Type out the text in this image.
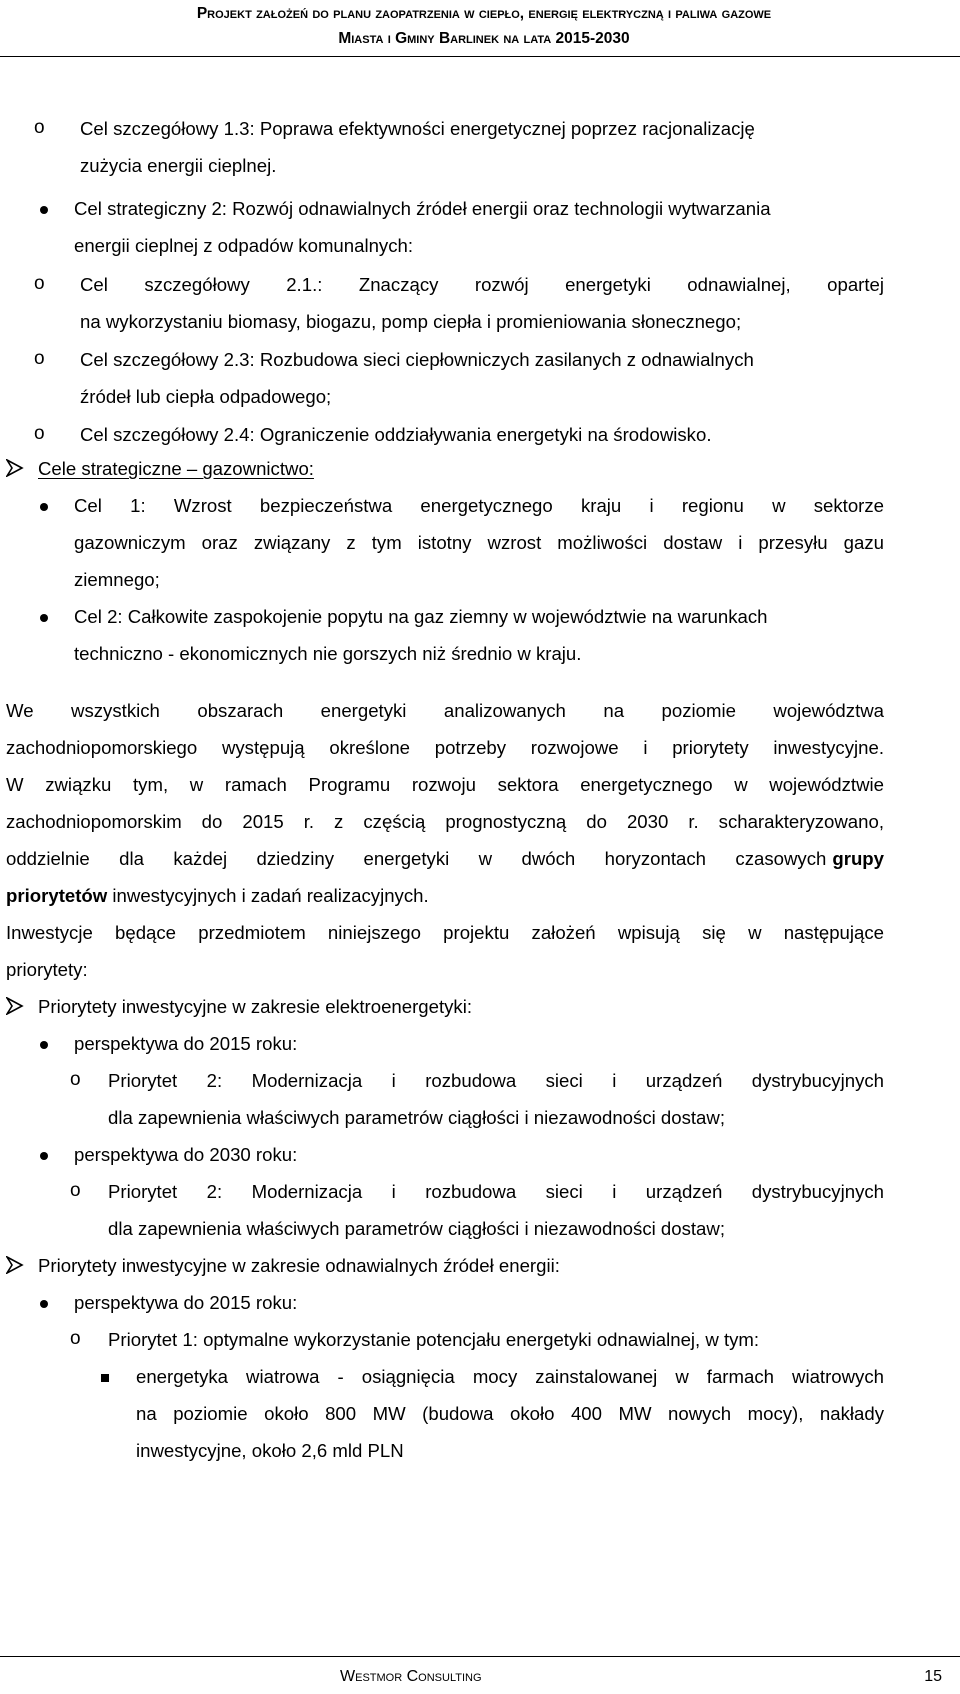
Projekt założeń do planu zaopatrzenia w ciepło, energię elektryczną i paliwa gazowe
Miasta i Gminy Barlinek na lata 2015-2030
o Cel szczegółowy 1.3: Poprawa efektywności energetycznej poprzez racjonalizację
zużycia energii cieplnej.
Cel strategiczny 2: Rozwój odnawialnych źródeł energii oraz technologii wytwarzania
energii cieplnej z odpadów komunalnych:
o Cel szczegółowy 2.1.: Znaczący rozwój energetyki odnawialnej, opartej
na wykorzystaniu biomasy, biogazu, pomp ciepła i promieniowania słonecznego;
o Cel szczegółowy 2.3: Rozbudowa sieci ciepłowniczych zasilanych z odnawialnych
źródeł lub ciepła odpadowego;
o Cel szczegółowy 2.4: Ograniczenie oddziaływania energetyki na środowisko.
Cele strategiczne – gazownictwo:
Cel 1: Wzrost bezpieczeństwa energetycznego kraju i regionu w sektorze
gazowniczym oraz związany z tym istotny wzrost możliwości dostaw i przesyłu gazu
ziemnego;
Cel 2: Całkowite zaspokojenie popytu na gaz ziemny w województwie na warunkach
techniczno - ekonomicznych nie gorszych niż średnio w kraju.
We wszystkich obszarach energetyki analizowanych na poziomie województwa
zachodniopomorskiego występują określone potrzeby rozwojowe i priorytety inwestycyjne.
W związku tym, w ramach Programu rozwoju sektora energetycznego w województwie
zachodniopomorskim do 2015 r. z częścią prognostyczną do 2030 r. scharakteryzowano,
oddzielnie dla każdej dziedziny energetyki w dwóch horyzontach czasowych grupy
priorytetów inwestycyjnych i zadań realizacyjnych.
Inwestycje będące przedmiotem niniejszego projektu założeń wpisują się w następujące
priorytety:
Priorytety inwestycyjne w zakresie elektroenergetyki:
perspektywa do 2015 roku:
o Priorytet 2: Modernizacja i rozbudowa sieci i urządzeń dystrybucyjnych
dla zapewnienia właściwych parametrów ciągłości i niezawodności dostaw;
perspektywa do 2030 roku:
o Priorytet 2: Modernizacja i rozbudowa sieci i urządzeń dystrybucyjnych
dla zapewnienia właściwych parametrów ciągłości i niezawodności dostaw;
Priorytety inwestycyjne w zakresie odnawialnych źródeł energii:
perspektywa do 2015 roku:
o Priorytet 1: optymalne wykorzystanie potencjału energetyki odnawialnej, w tym:
energetyka wiatrowa - osiągnięcia mocy zainstalowanej w farmach wiatrowych
na poziomie około 800 MW (budowa około 400 MW nowych mocy), nakłady
inwestycyjne, około 2,6 mld PLN
Westmor Consulting	15
